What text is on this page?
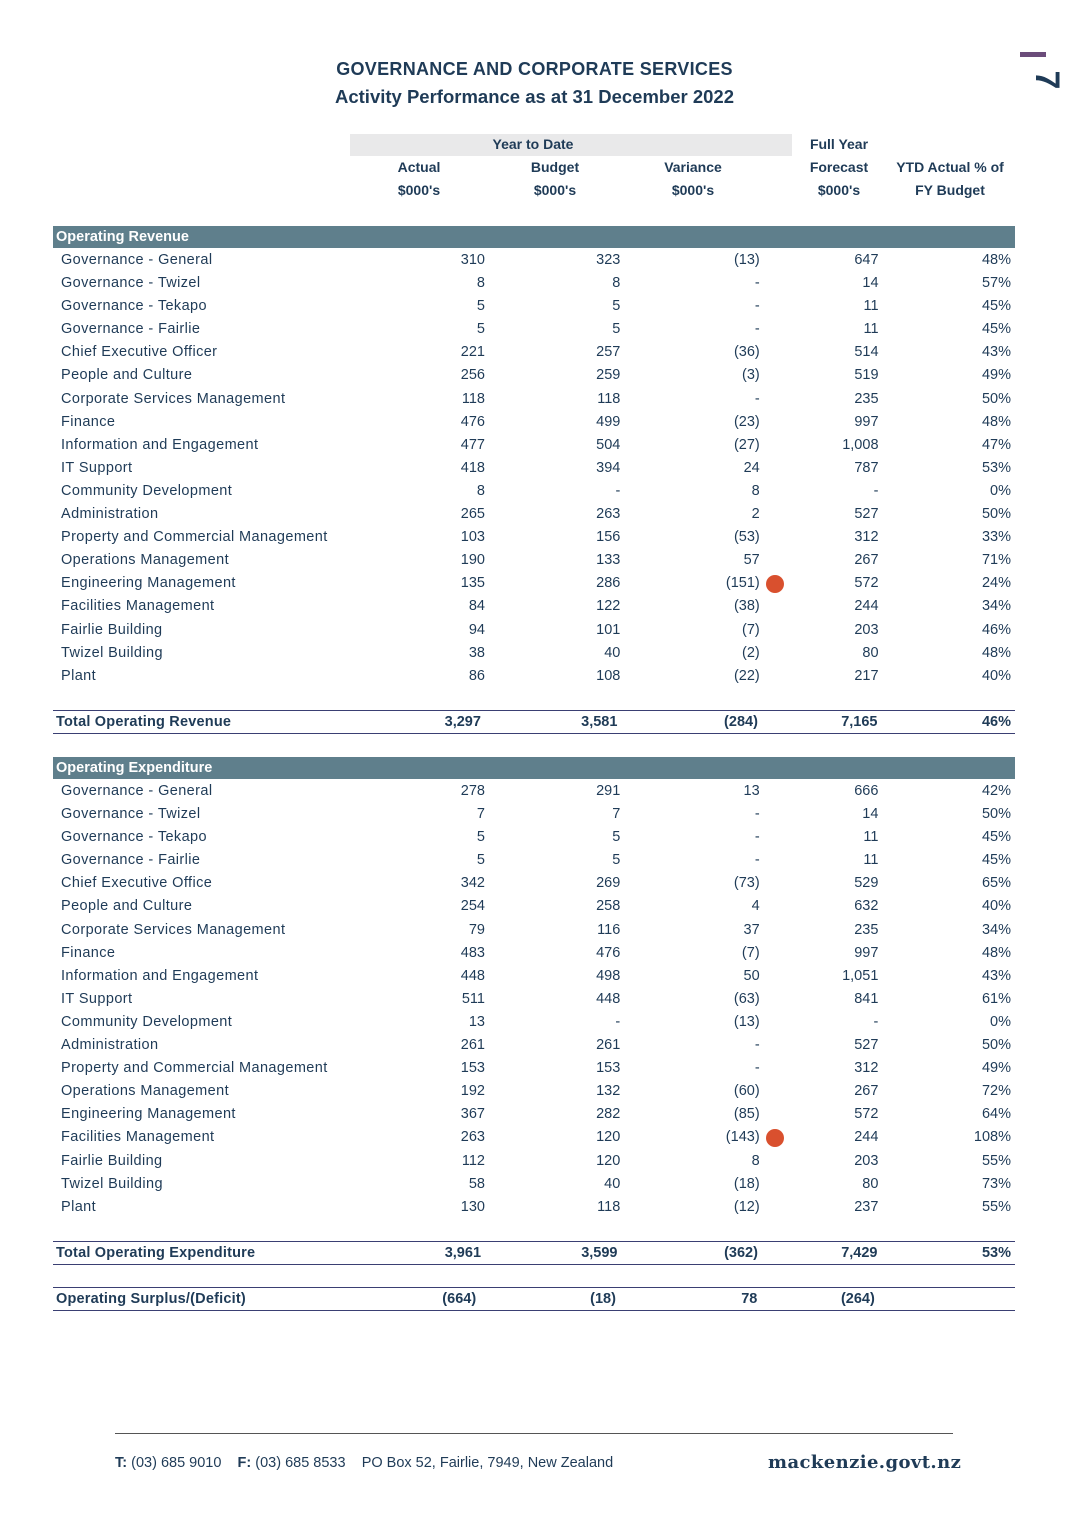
GOVERNANCE AND CORPORATE SERVICES
Activity Performance as at 31 December 2022
7
Year to Date	Full Year
Actual	Budget	Variance	Forecast	YTD Actual % of
$000's	$000's	$000's	$000's	FY Budget
Operating Revenue
Governance - General	310	323	(13)	647	48%
Governance - Twizel	8	8	-	14	57%
Governance - Tekapo	5	5	-	11	45%
Governance - Fairlie	5	5	-	11	45%
Chief Executive Officer	221	257	(36)	514	43%
People and Culture	256	259	(3)	519	49%
Corporate Services Management	118	118	-	235	50%
Finance	476	499	(23)	997	48%
Information and Engagement	477	504	(27)	1,008	47%
IT Support	418	394	24	787	53%
Community Development	8	-	8	-	0%
Administration	265	263	2	527	50%
Property and Commercial Management	103	156	(53)	312	33%
Operations Management	190	133	57	267	71%
Engineering Management	135	286	(151)	572	24%
Facilities Management	84	122	(38)	244	34%
Fairlie Building	94	101	(7)	203	46%
Twizel Building	38	40	(2)	80	48%
Plant	86	108	(22)	217	40%
Total Operating Revenue	3,297	3,581	(284)	7,165	46%
Operating Expenditure
Governance - General	278	291	13	666	42%
Governance - Twizel	7	7	-	14	50%
Governance - Tekapo	5	5	-	11	45%
Governance - Fairlie	5	5	-	11	45%
Chief Executive Office	342	269	(73)	529	65%
People and Culture	254	258	4	632	40%
Corporate Services Management	79	116	37	235	34%
Finance	483	476	(7)	997	48%
Information and Engagement	448	498	50	1,051	43%
IT Support	511	448	(63)	841	61%
Community Development	13	-	(13)	-	0%
Administration	261	261	-	527	50%
Property and Commercial Management	153	153	-	312	49%
Operations Management	192	132	(60)	267	72%
Engineering Management	367	282	(85)	572	64%
Facilities Management	263	120	(143)	244	108%
Fairlie Building	112	120	8	203	55%
Twizel Building	58	40	(18)	80	73%
Plant	130	118	(12)	237	55%
Total Operating Expenditure	3,961	3,599	(362)	7,429	53%
Operating Surplus/(Deficit)	(664)	(18)	78	(264)	
T: (03) 685 9010 F: (03) 685 8533 PO Box 52, Fairlie, 7949, New Zealand	mackenzie.govt.nz
